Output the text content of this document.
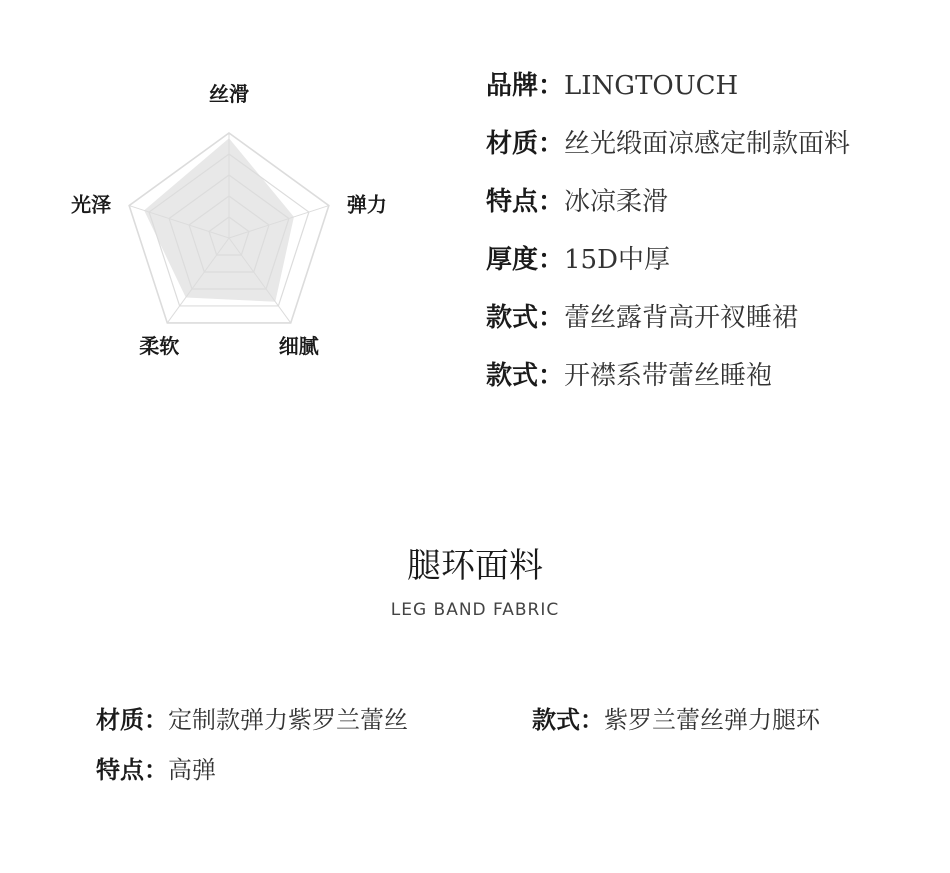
丝滑
弹力
细腻
柔软
光泽
品牌：LINGTOUCH
材质：丝光缎面凉感定制款面料
特点：冰凉柔滑
厚度：15D中厚
款式：蕾丝露背高开衩睡裙
款式：开襟系带蕾丝睡袍
腿环面料
LEG BAND FABRIC
材质：定制款弹力紫罗兰蕾丝	款式：紫罗兰蕾丝弹力腿环
特点：高弹
